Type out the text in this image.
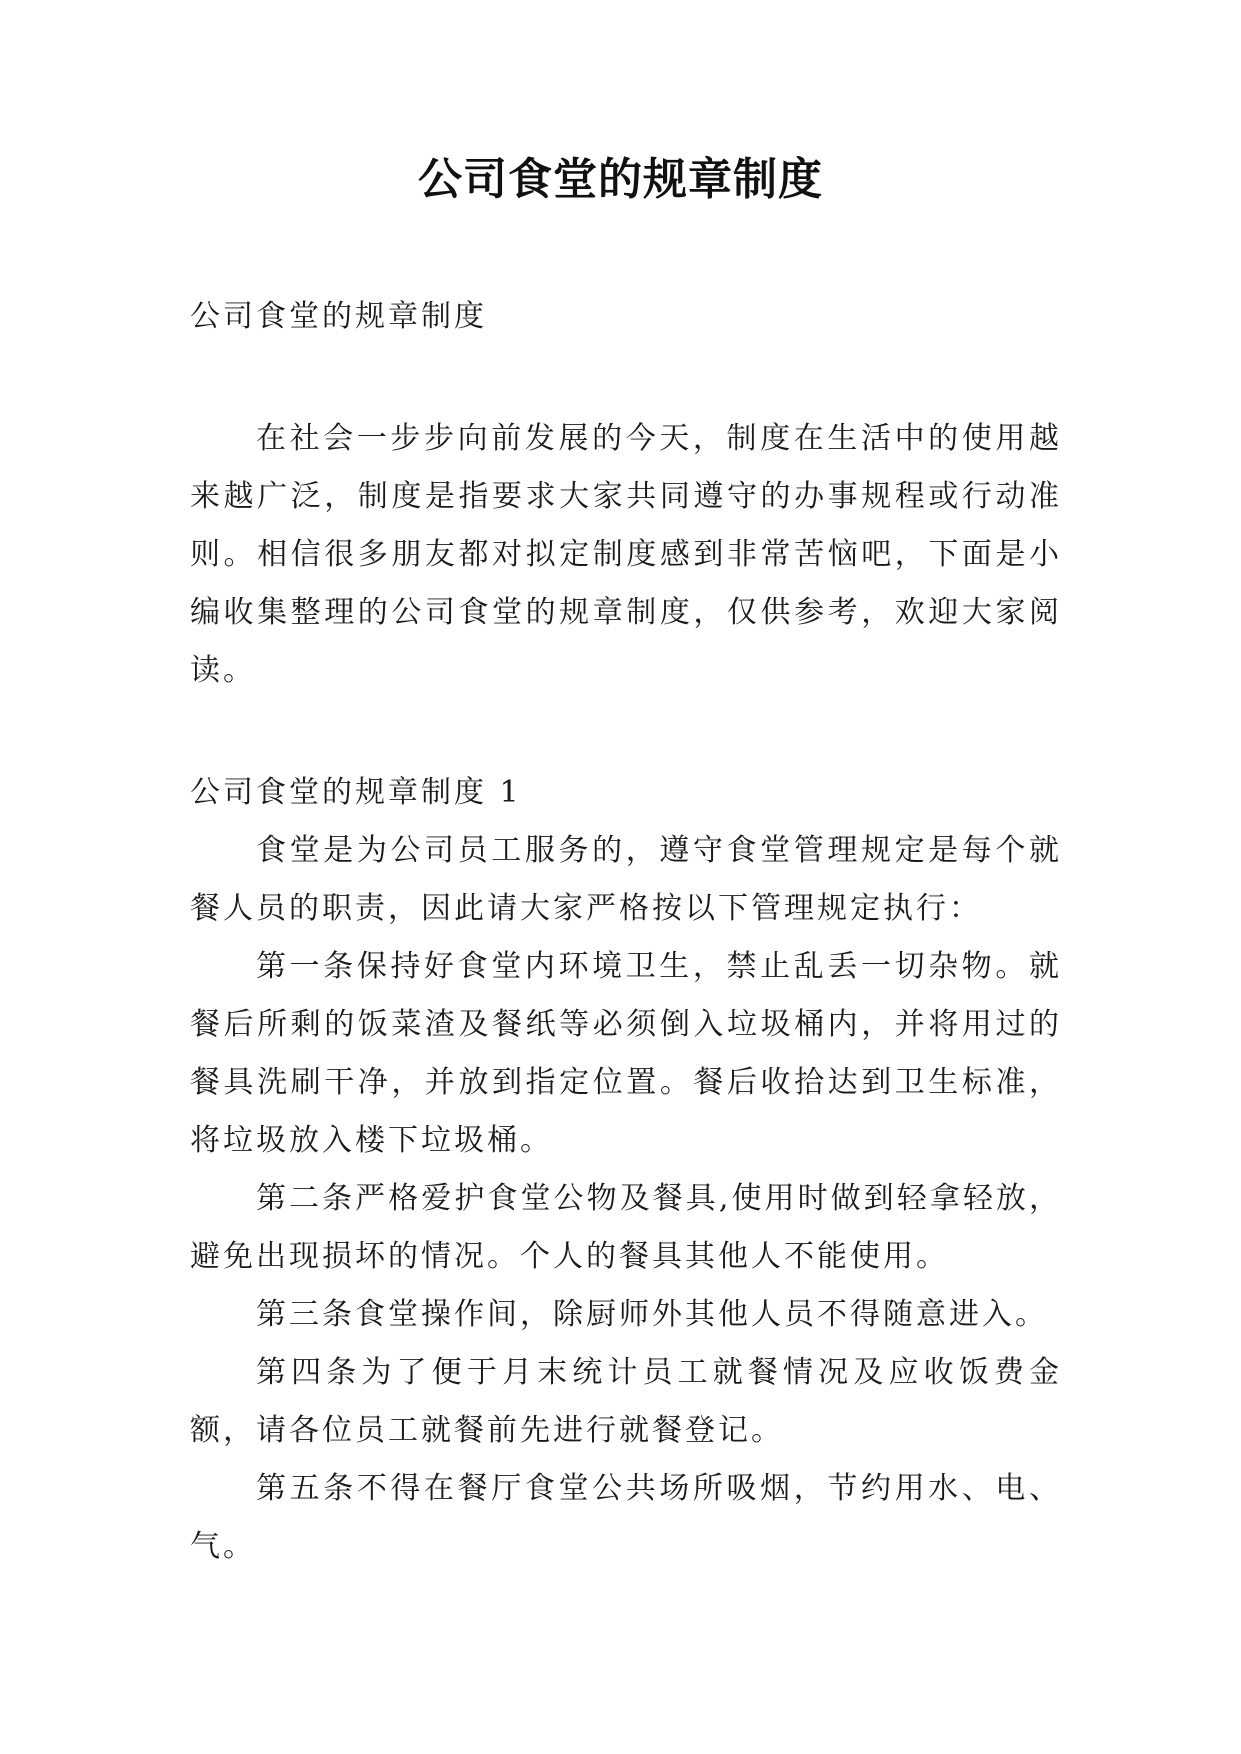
公司食堂的规章制度

公司食堂的规章制度

在社会一步步向前发展的今天，制度在生活中的使用越来越广泛，制度是指要求大家共同遵守的办事规程或行动准则。相信很多朋友都对拟定制度感到非常苦恼吧，下面是小编收集整理的公司食堂的规章制度，仅供参考，欢迎大家阅读。

公司食堂的规章制度 1

食堂是为公司员工服务的，遵守食堂管理规定是每个就餐人员的职责，因此请大家严格按以下管理规定执行：

第一条保持好食堂内环境卫生，禁止乱丢一切杂物。就餐后所剩的饭菜渣及餐纸等必须倒入垃圾桶内，并将用过的餐具洗刷干净，并放到指定位置。餐后收拾达到卫生标准，将垃圾放入楼下垃圾桶。

第二条严格爱护食堂公物及餐具,使用时做到轻拿轻放，避免出现损坏的情况。个人的餐具其他人不能使用。

第三条食堂操作间，除厨师外其他人员不得随意进入。

第四条为了便于月末统计员工就餐情况及应收饭费金额，请各位员工就餐前先进行就餐登记。

第五条不得在餐厅食堂公共场所吸烟，节约用水、电、气。
